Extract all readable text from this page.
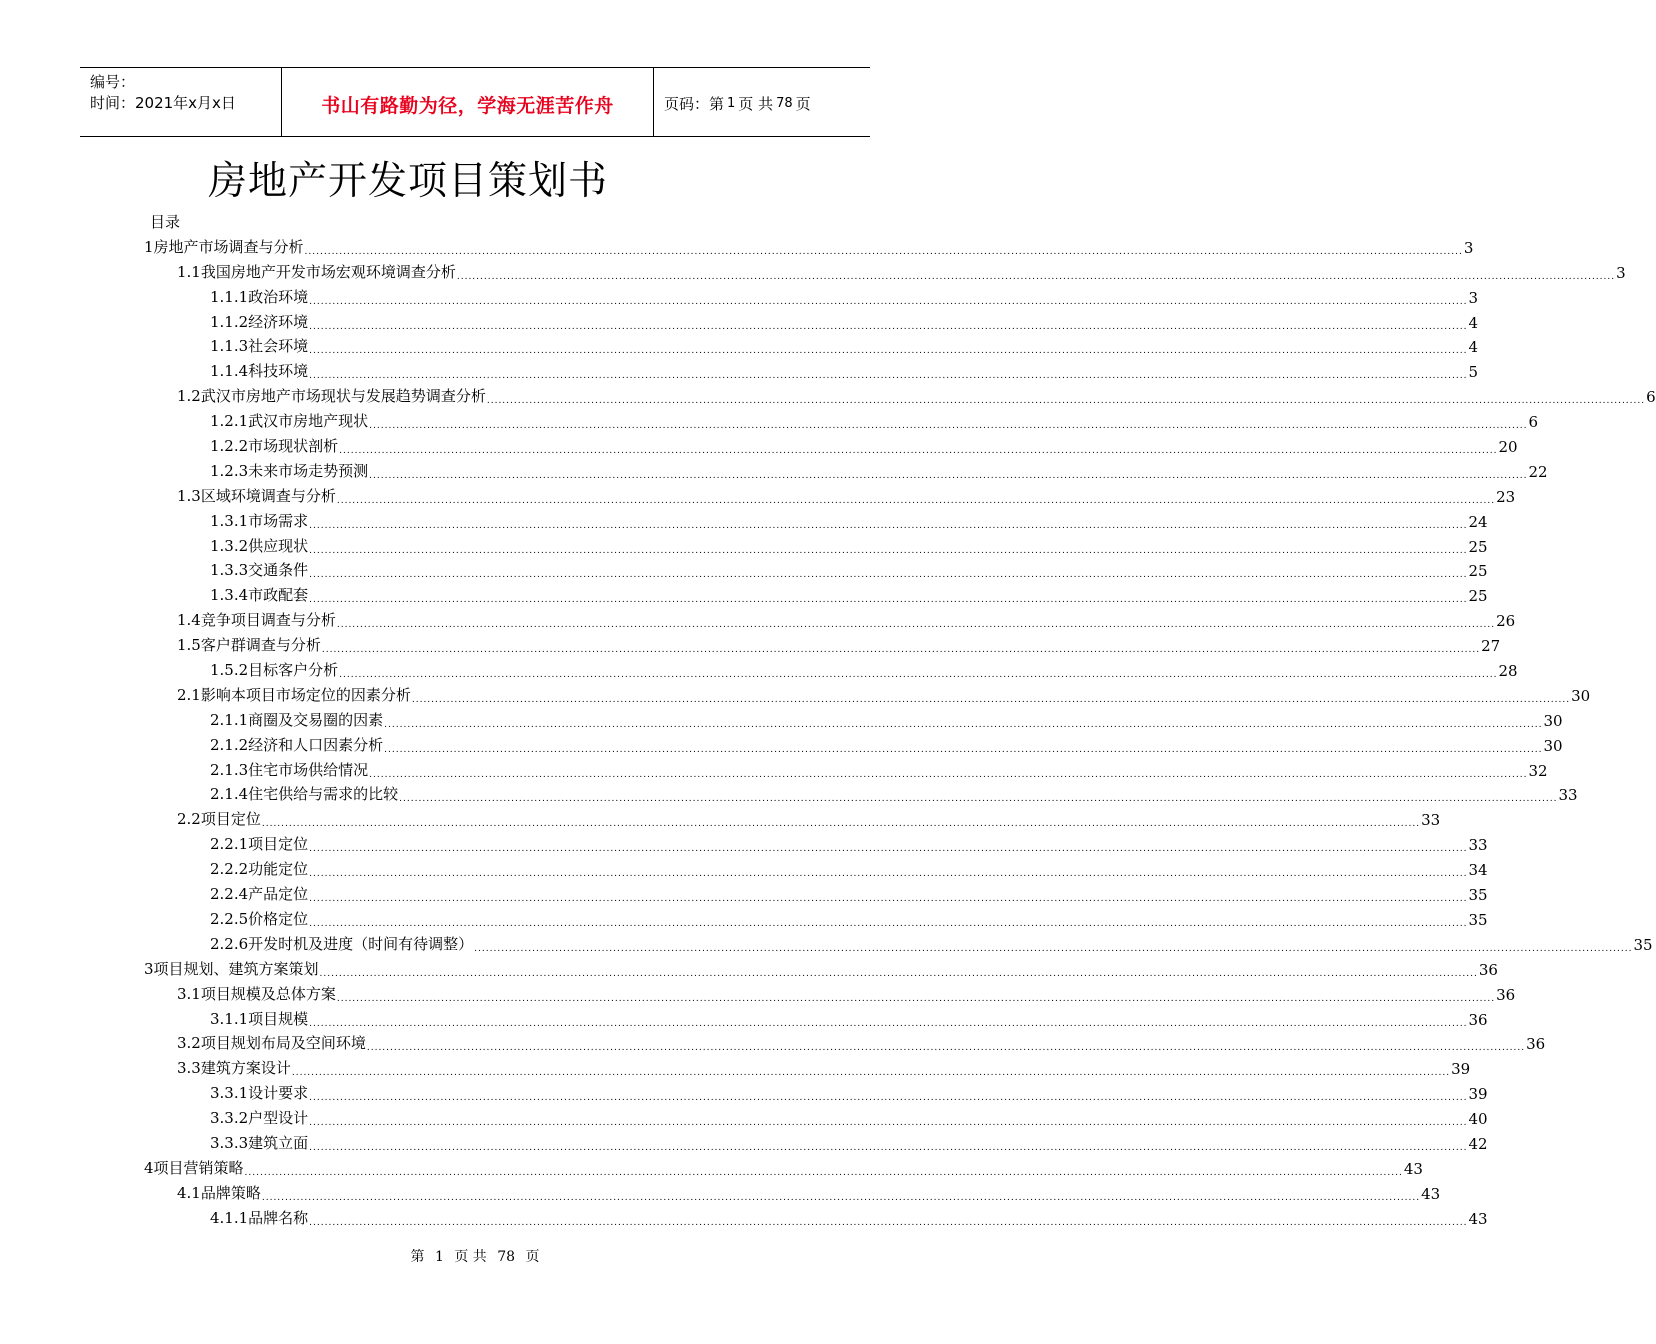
编号：
时间：2021年x月x日	书山有路勤为径，学海无涯苦作舟	页码：第 1 页 共 78 页
房地产开发项目策划书
目录
1房地产市场调查与分析 ............................................................................................................................................................................................................................................................................................................ 3
1.1我国房地产开发市场宏观环境调查分析 ............................................................................................................................................................................................................................................................................................................ 3
1.1.1政治环境 ............................................................................................................................................................................................................................................................................................................ 3
1.1.2经济环境 ............................................................................................................................................................................................................................................................................................................ 4
1.1.3社会环境 ............................................................................................................................................................................................................................................................................................................ 4
1.1.4科技环境 ............................................................................................................................................................................................................................................................................................................ 5
1.2武汉市房地产市场现状与发展趋势调查分析 ............................................................................................................................................................................................................................................................................................................ 6
1.2.1武汉市房地产现状 ............................................................................................................................................................................................................................................................................................................ 6
1.2.2市场现状剖析 ............................................................................................................................................................................................................................................................................................................ 20
1.2.3未来市场走势预测 ............................................................................................................................................................................................................................................................................................................ 22
1.3区域环境调查与分析 ............................................................................................................................................................................................................................................................................................................ 23
1.3.1市场需求 ............................................................................................................................................................................................................................................................................................................ 24
1.3.2供应现状 ............................................................................................................................................................................................................................................................................................................ 25
1.3.3交通条件 ............................................................................................................................................................................................................................................................................................................ 25
1.3.4市政配套 ............................................................................................................................................................................................................................................................................................................ 25
1.4竞争项目调查与分析 ............................................................................................................................................................................................................................................................................................................ 26
1.5客户群调查与分析 ............................................................................................................................................................................................................................................................................................................ 27
1.5.2目标客户分析 ............................................................................................................................................................................................................................................................................................................ 28
2.1影响本项目市场定位的因素分析 ............................................................................................................................................................................................................................................................................................................ 30
2.1.1商圈及交易圈的因素 ............................................................................................................................................................................................................................................................................................................ 30
2.1.2经济和人口因素分析 ............................................................................................................................................................................................................................................................................................................ 30
2.1.3住宅市场供给情况 ............................................................................................................................................................................................................................................................................................................ 32
2.1.4住宅供给与需求的比较 ............................................................................................................................................................................................................................................................................................................ 33
2.2项目定位 ............................................................................................................................................................................................................................................................................................................ 33
2.2.1项目定位 ............................................................................................................................................................................................................................................................................................................ 33
2.2.2功能定位 ............................................................................................................................................................................................................................................................................................................ 34
2.2.4产品定位 ............................................................................................................................................................................................................................................................................................................ 35
2.2.5价格定位 ............................................................................................................................................................................................................................................................................................................ 35
2.2.6开发时机及进度（时间有待调整） ............................................................................................................................................................................................................................................................................................................ 35
3项目规划、建筑方案策划 ............................................................................................................................................................................................................................................................................................................ 36
3.1项目规模及总体方案 ............................................................................................................................................................................................................................................................................................................ 36
3.1.1项目规模 ............................................................................................................................................................................................................................................................................................................ 36
3.2项目规划布局及空间环境 ............................................................................................................................................................................................................................................................................................................ 36
3.3建筑方案设计 ............................................................................................................................................................................................................................................................................................................ 39
3.3.1设计要求 ............................................................................................................................................................................................................................................................................................................ 39
3.3.2户型设计 ............................................................................................................................................................................................................................................................................................................ 40
3.3.3建筑立面 ............................................................................................................................................................................................................................................................................................................ 42
4项目营销策略 ............................................................................................................................................................................................................................................................................................................ 43
4.1品牌策略 ............................................................................................................................................................................................................................................................................................................ 43
4.1.1品牌名称 ............................................................................................................................................................................................................................................................................................................ 43
第 1 页 共 78 页
